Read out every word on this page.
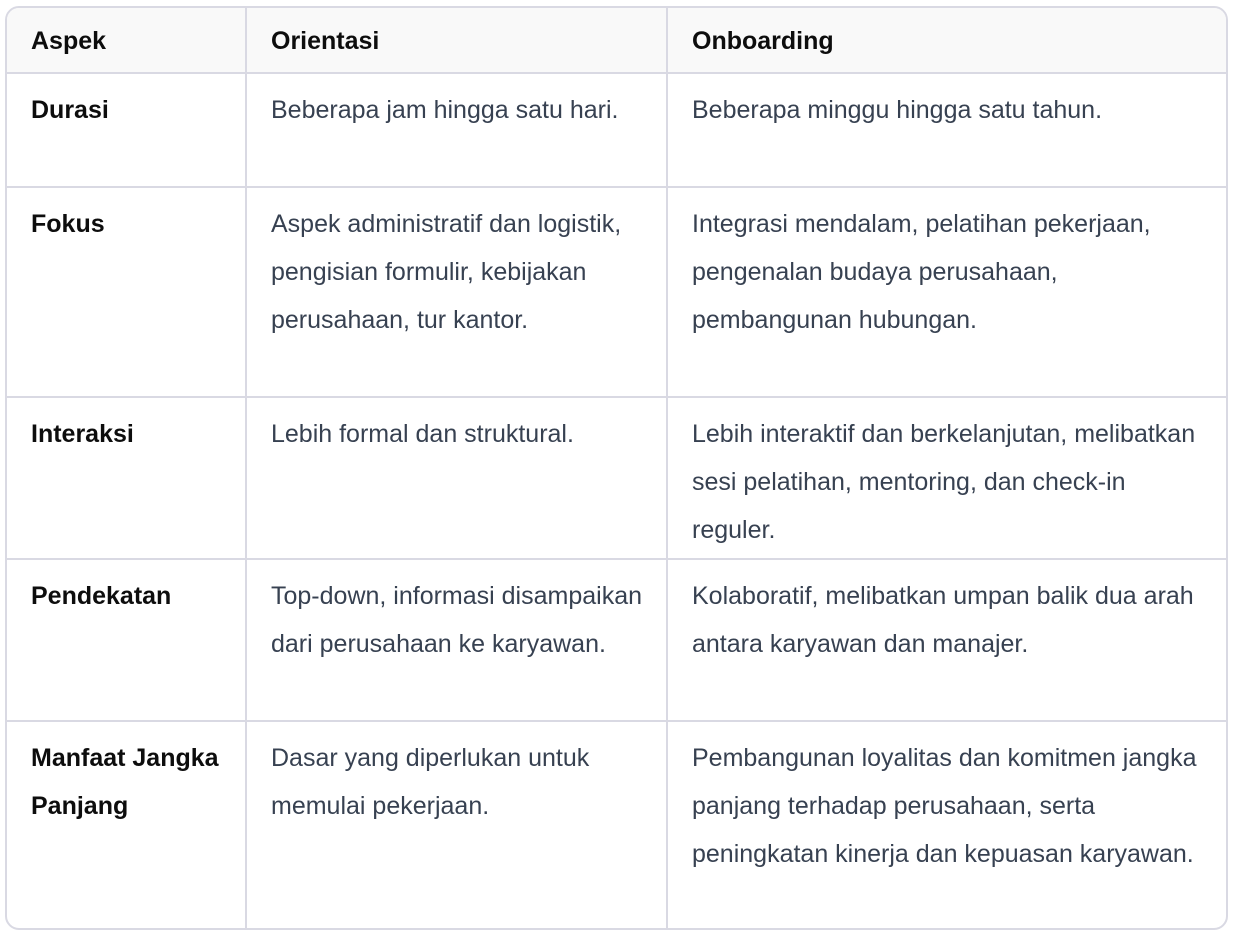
Aspek	Orientasi	Onboarding
Durasi	Beberapa jam hingga satu hari.	Beberapa minggu hingga satu tahun.
Fokus	Aspek administratif dan logistik, pengisian formulir, kebijakan perusahaan, tur kantor.	Integrasi mendalam, pelatihan pekerjaan, pengenalan budaya perusahaan, pembangunan hubungan.
Interaksi	Lebih formal dan struktural.	Lebih interaktif dan berkelanjutan, melibatkan sesi pelatihan, mentoring, dan check-in reguler.
Pendekatan	Top-down, informasi disampaikan dari perusahaan ke karyawan.	Kolaboratif, melibatkan umpan balik dua arah antara karyawan dan manajer.
Manfaat Jangka Panjang	Dasar yang diperlukan untuk memulai pekerjaan.	Pembangunan loyalitas dan komitmen jangka panjang terhadap perusahaan, serta peningkatan kinerja dan kepuasan karyawan.
